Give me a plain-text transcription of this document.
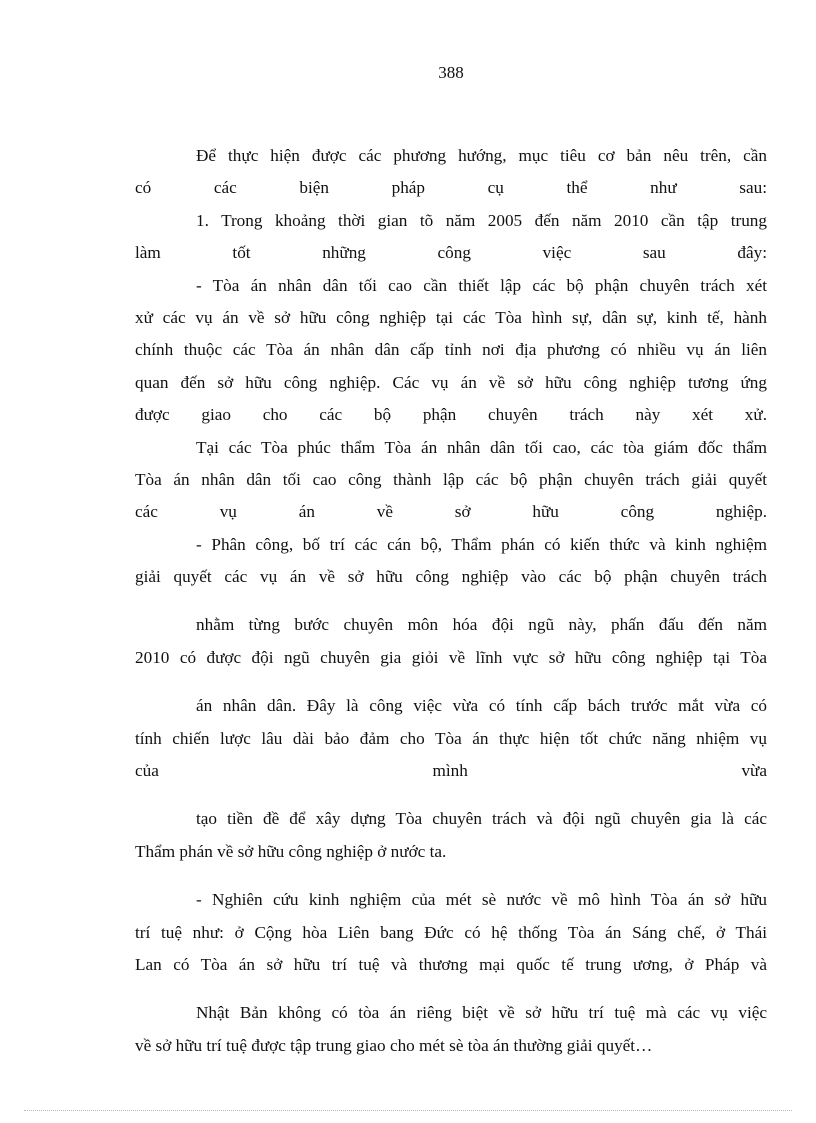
388
Để thực hiện được các phương hướng, mục tiêu cơ bản nêu trên, cần
có các biện pháp cụ thể như sau:
1. Trong khoảng thời gian tõ năm 2005 đến năm 2010 cần tập trung
làm tốt những công việc sau đây:
- Tòa án nhân dân tối cao cần thiết lập các bộ phận chuyên trách xét
xử các vụ án về sở hữu công nghiệp tại các Tòa hình sự, dân sự, kinh tế, hành
chính thuộc các Tòa án nhân dân cấp tỉnh nơi địa phương có nhiều vụ án liên
quan đến sở hữu công nghiệp. Các vụ án về sở hữu công nghiệp tương ứng
được giao cho các bộ phận chuyên trách này xét xử.
Tại các Tòa phúc thẩm Tòa án nhân dân tối cao, các tòa giám đốc thẩm
Tòa án nhân dân tối cao công thành lập các bộ phận chuyên trách giải quyết
các vụ án về sở hữu công nghiệp.
- Phân công, bố trí các cán bộ, Thẩm phán có kiến thức và kinh nghiệm
giải quyết các vụ án về sở hữu công nghiệp vào các bộ phận chuyên trách
nhằm từng bước chuyên môn hóa đội ngũ này, phấn đấu đến năm
2010 có được đội ngũ chuyên gia giỏi về lĩnh vực sở hữu công nghiệp tại Tòa
án nhân dân. Đây là công việc vừa có tính cấp bách trước mắt vừa có
tính chiến lược lâu dài bảo đảm cho Tòa án thực hiện tốt chức năng nhiệm vụ
của mình vừa
tạo tiền đề để xây dựng Tòa chuyên trách và đội ngũ chuyên gia là các
Thẩm phán về sở hữu công nghiệp ở nước ta.
- Nghiên cứu kinh nghiệm của mét sè nước về mô hình Tòa án sở hữu
trí tuệ như: ở Cộng hòa Liên bang Đức có hệ thống Tòa án Sáng chế, ở Thái
Lan có Tòa án sở hữu trí tuệ và thương mại quốc tế trung ương, ở Pháp và
Nhật Bản không có tòa án riêng biệt về sở hữu trí tuệ mà các vụ việc
về sở hữu trí tuệ được tập trung giao cho mét sè tòa án thường giải quyết…
